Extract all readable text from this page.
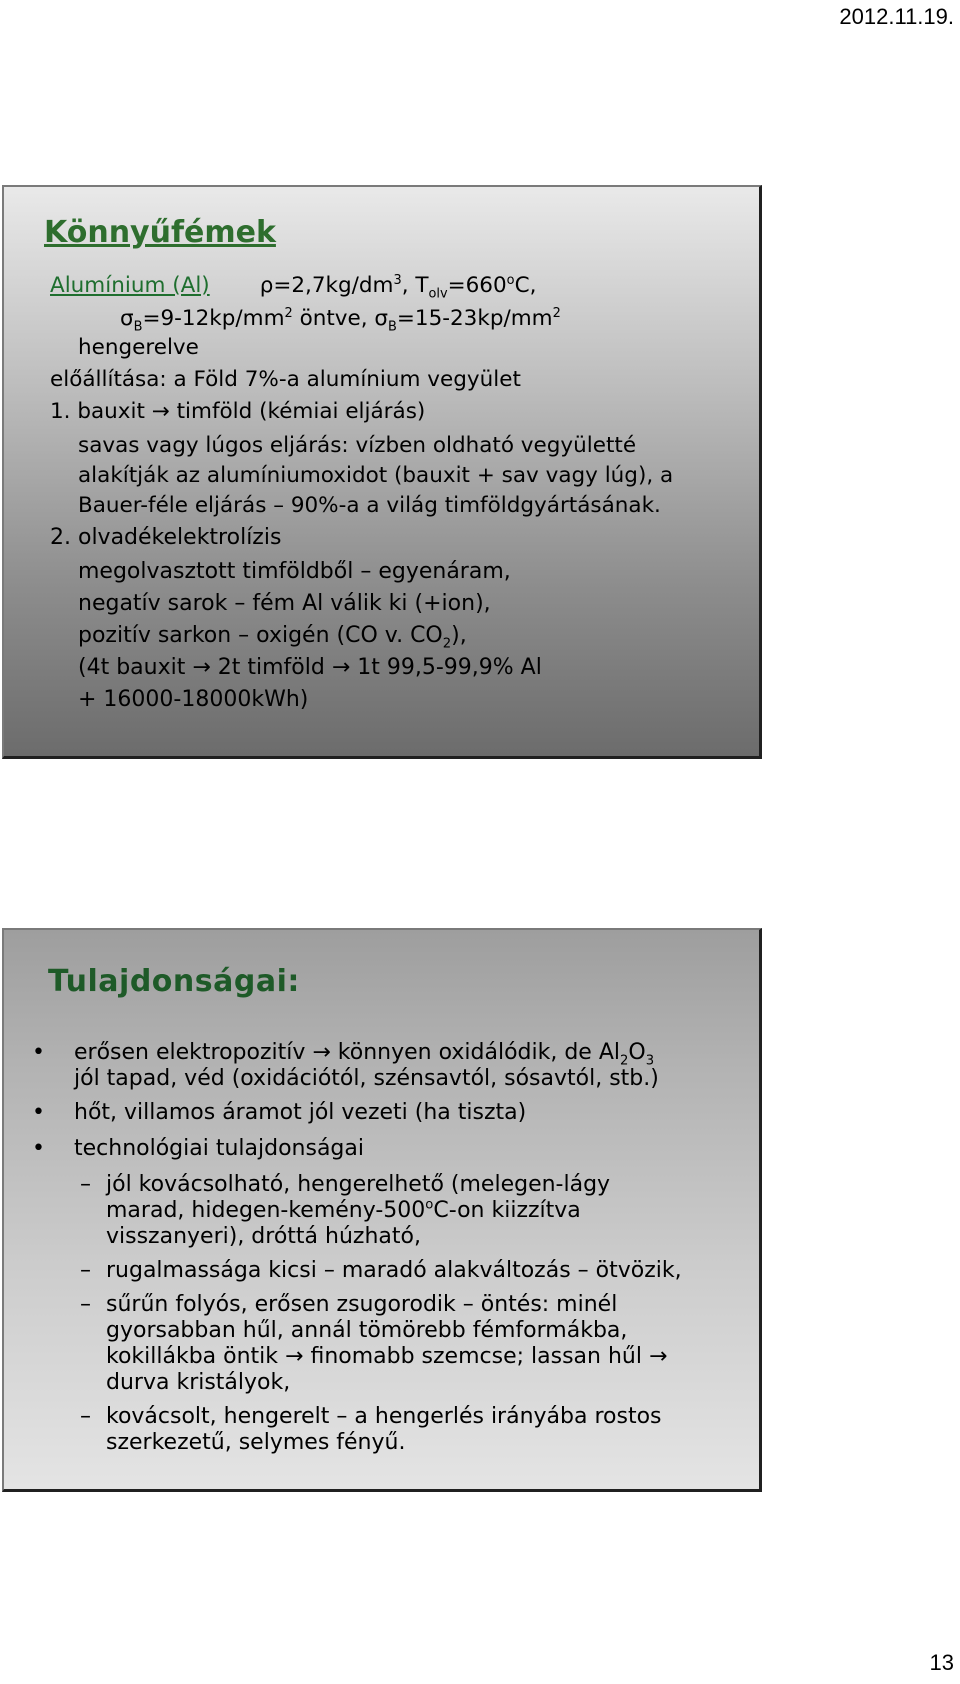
2012.11.19.
Könnyűfémek
Alumínium (Al) $\rho=2,7kg/dm^3$, $T_{olv}=660^oC$,
$\sigma_B=9-12kp/mm^2$ öntve, $\sigma_B=15-23kp/mm^2$
hengerelve
előállítása: a Föld 7%-a alumínium vegyület
1. bauxit → timföld (kémiai eljárás)
savas vagy lúgos eljárás: vízben oldható vegyületté
alakítják az alumíniumoxidot (bauxit + sav vagy lúg), a
Bauer-féle eljárás – 90%-a a világ timföldgyártásának.
2. olvadékelektrolízis
megolvasztott timföldből – egyenáram,
negatív sarok – fém Al válik ki (+ion),
pozitív sarkon – oxigén (CO v. $CO_2$),
(4t bauxit → 2t timföld → 1t 99,5-99,9% Al
+ 16000-18000kWh)
Tulajdonságai:
• erősen elektropozitív → könnyen oxidálódik, de $Al_2O_3$
jól tapad, véd (oxidációtól, szénsavtól, sósavtól, stb.)
• hőt, villamos áramot jól vezeti (ha tiszta)
• technológiai tulajdonságai
– jól kovácsolható, hengerelhető (melegen-lágy
marad, hidegen-kemény-500$^o$C-on kiizzítva
visszanyeri), dróttá húzható,
– rugalmassága kicsi – maradó alakváltozás – ötvözik,
– sűrűn folyós, erősen zsugorodik – öntés: minél
gyorsabban hűl, annál tömörebb fémformákba,
kokillákba öntik → finomabb szemcse; lassan hűl →
durva kristályok,
– kovácsolt, hengerelt – a hengerlés irányába rostos
szerkezetű, selymes fényű.
13
